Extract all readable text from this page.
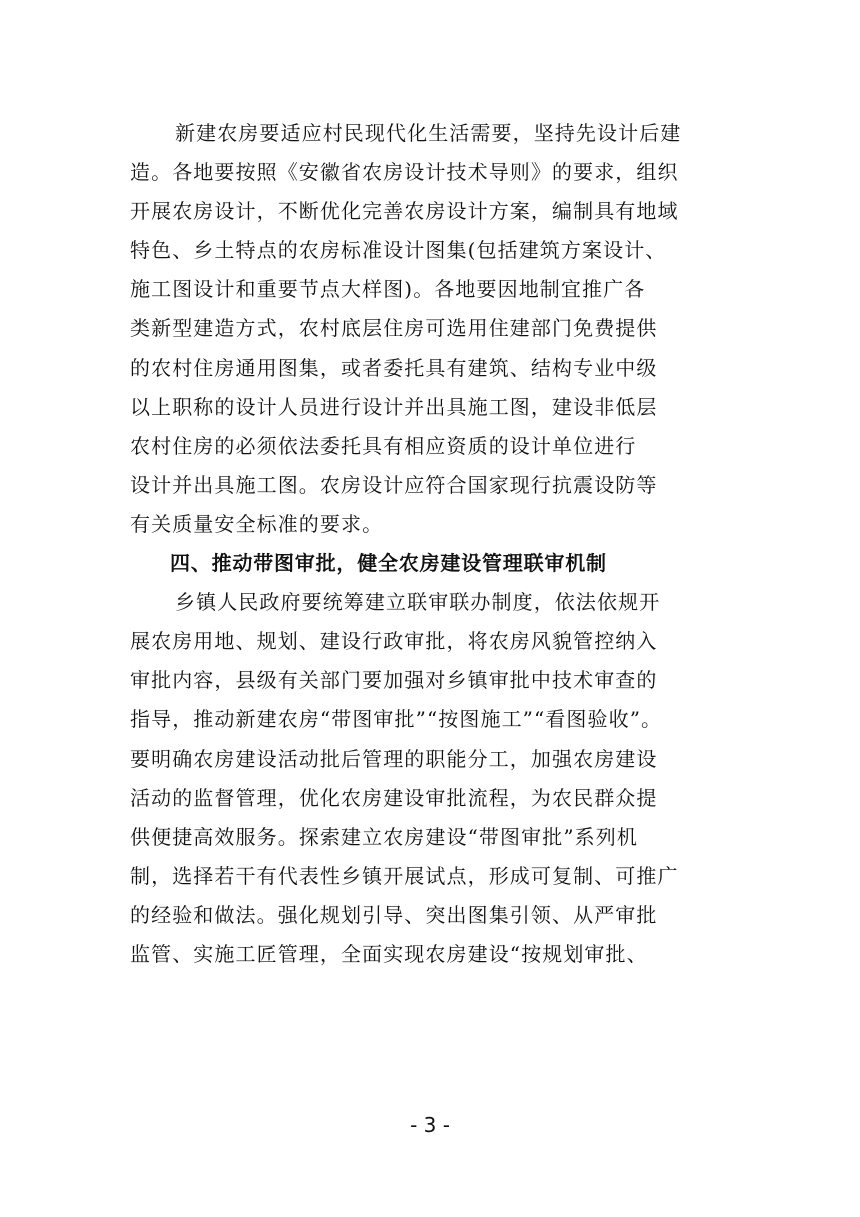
新建农房要适应村民现代化生活需要，坚持先设计后建
造。各地要按照《安徽省农房设计技术导则》的要求，组织
开展农房设计，不断优化完善农房设计方案，编制具有地域
特色、乡土特点的农房标准设计图集(包括建筑方案设计、
施工图设计和重要节点大样图)。各地要因地制宜推广各
类新型建造方式，农村底层住房可选用住建部门免费提供
的农村住房通用图集，或者委托具有建筑、结构专业中级
以上职称的设计人员进行设计并出具施工图，建设非低层
农村住房的必须依法委托具有相应资质的设计单位进行
设计并出具施工图。农房设计应符合国家现行抗震设防等
有关质量安全标准的要求。
四、推动带图审批，健全农房建设管理联审机制
乡镇人民政府要统筹建立联审联办制度，依法依规开
展农房用地、规划、建设行政审批，将农房风貌管控纳入
审批内容，县级有关部门要加强对乡镇审批中技术审查的
指导，推动新建农房“带图审批”“按图施工”“看图验收”。
要明确农房建设活动批后管理的职能分工，加强农房建设
活动的监督管理，优化农房建设审批流程，为农民群众提
供便捷高效服务。探索建立农房建设“带图审批”系列机
制，选择若干有代表性乡镇开展试点，形成可复制、可推广
的经验和做法。强化规划引导、突出图集引领、从严审批
监管、实施工匠管理，全面实现农房建设“按规划审批、
- 3 -
